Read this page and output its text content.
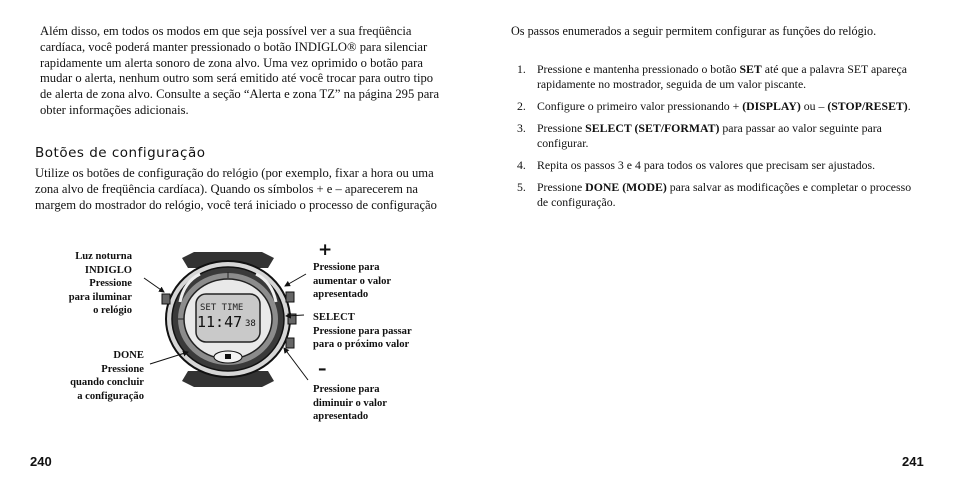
Além disso, em todos os modos em que seja possível ver a sua freqüência cardíaca, você poderá manter pressionado o botão INDIGLO® para silenciar rapidamente um alerta sonoro de zona alvo. Uma vez oprimido o botão para mudar o alerta, nenhum outro som será emitido até você trocar para outro tipo de alerta de zona alvo. Consulte a seção “Alerta e zona TZ” na página 295 para obter informações adicionais.
Botões de configuração
Utilize os botões de configuração do relógio (por exemplo, fixar a hora ou uma zona alvo de freqüência cardíaca). Quando os símbolos + e – aparecerem na margem do mostrador do relógio, você terá iniciado o processo de configuração
Luz noturna
INDIGLO
Pressione
para iluminar
o relógio
DONE
Pressione
quando concluir
a configuração
+
Pressione para
aumentar o valor
apresentado
SELECT
Pressione para passar
para o próximo valor
–
Pressione para
diminuir o valor
apresentado
SET TIME
11:47 38
240
Os passos enumerados a seguir permitem configurar as funções do relógio.
1. Pressione e mantenha pressionado o botão SET até que a palavra SET apareça rapidamente no mostrador, seguida de um valor piscante.
2. Configure o primeiro valor pressionando + (DISPLAY) ou – (STOP/RESET).
3. Pressione SELECT (SET/FORMAT) para passar ao valor seguinte para configurar.
4. Repita os passos 3 e 4 para todos os valores que precisam ser ajustados.
5. Pressione DONE (MODE) para salvar as modificações e completar o processo de configuração.
241
